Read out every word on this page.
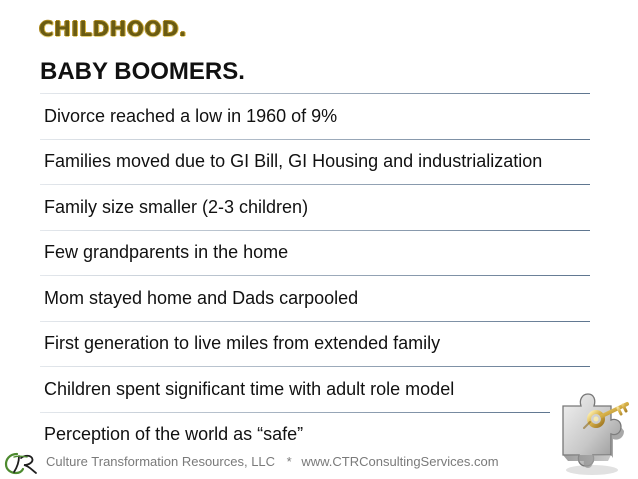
CHILDHOOD.
BABY BOOMERS.
Divorce reached a low in 1960 of 9%
Families moved due to GI Bill, GI Housing and industrialization
Family size smaller (2-3 children)
Few grandparents in the home
Mom stayed home and Dads carpooled
First generation to live miles from extended family
Children spent significant time with adult role model
Perception of the world as “safe”
Culture Transformation Resources, LLC * www.CTRConsultingServices.com
